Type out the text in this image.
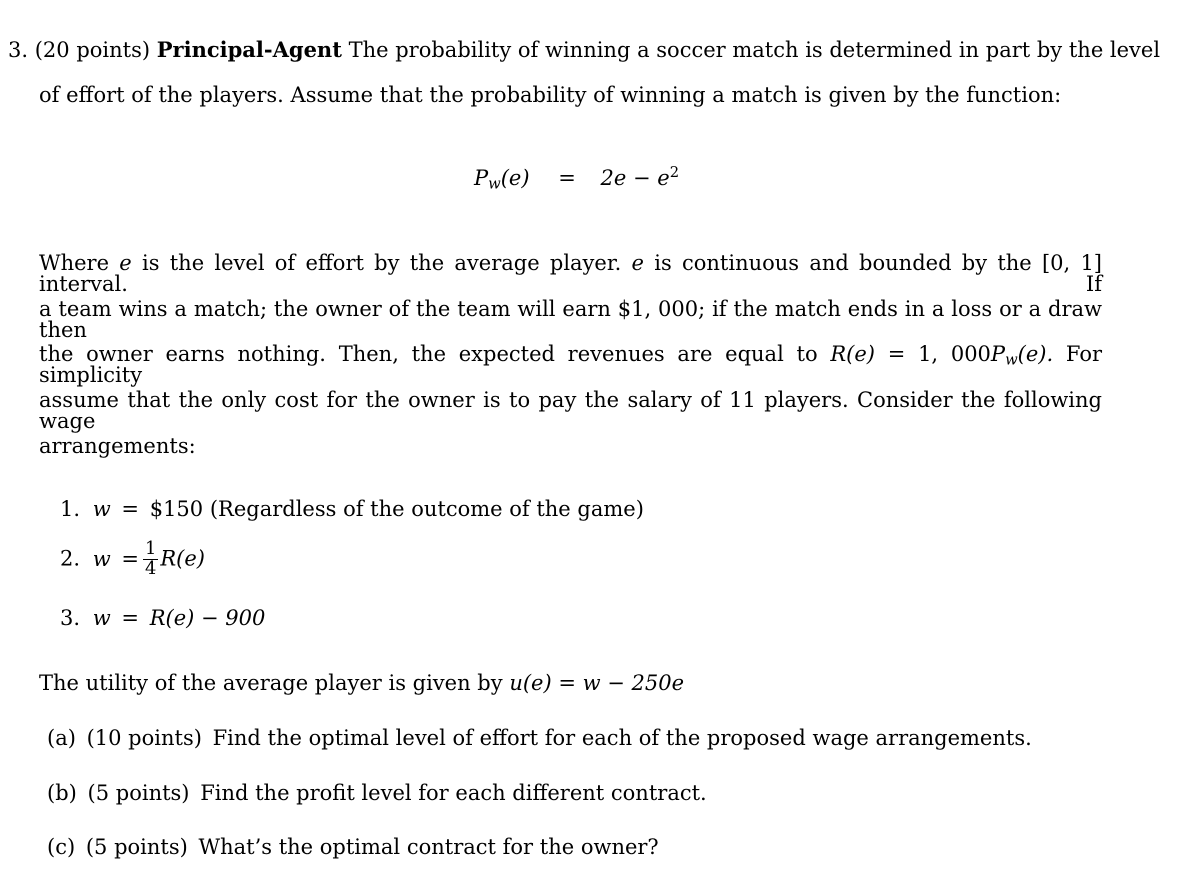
3. (20 points) Principal-Agent The probability of winning a soccer match is determined in part by the level
of effort of the players. Assume that the probability of winning a match is given by the function:
$P_w(e) = 2e - e^2$
Where e is the level of effort by the average player. e is continuous and bounded by the [0, 1] interval. If
a team wins a match; the owner of the team will earn $1, 000; if the match ends in a loss or a draw then
the owner earns nothing. Then, the expected revenues are equal to R(e) = 1, $000P_w(e)$. For simplicity
assume that the only cost for the owner is to pay the salary of 11 players. Consider the following wage
arrangements:
1. w = $150 (Regardless of the outcome of the game)
2. $w = \frac{1}{4} R(e)$
3. w = R(e) − 900
The utility of the average player is given by u(e) = w − 250e
(a) (10 points) Find the optimal level of effort for each of the proposed wage arrangements.
(b) (5 points) Find the profit level for each different contract.
(c) (5 points) What’s the optimal contract for the owner?
